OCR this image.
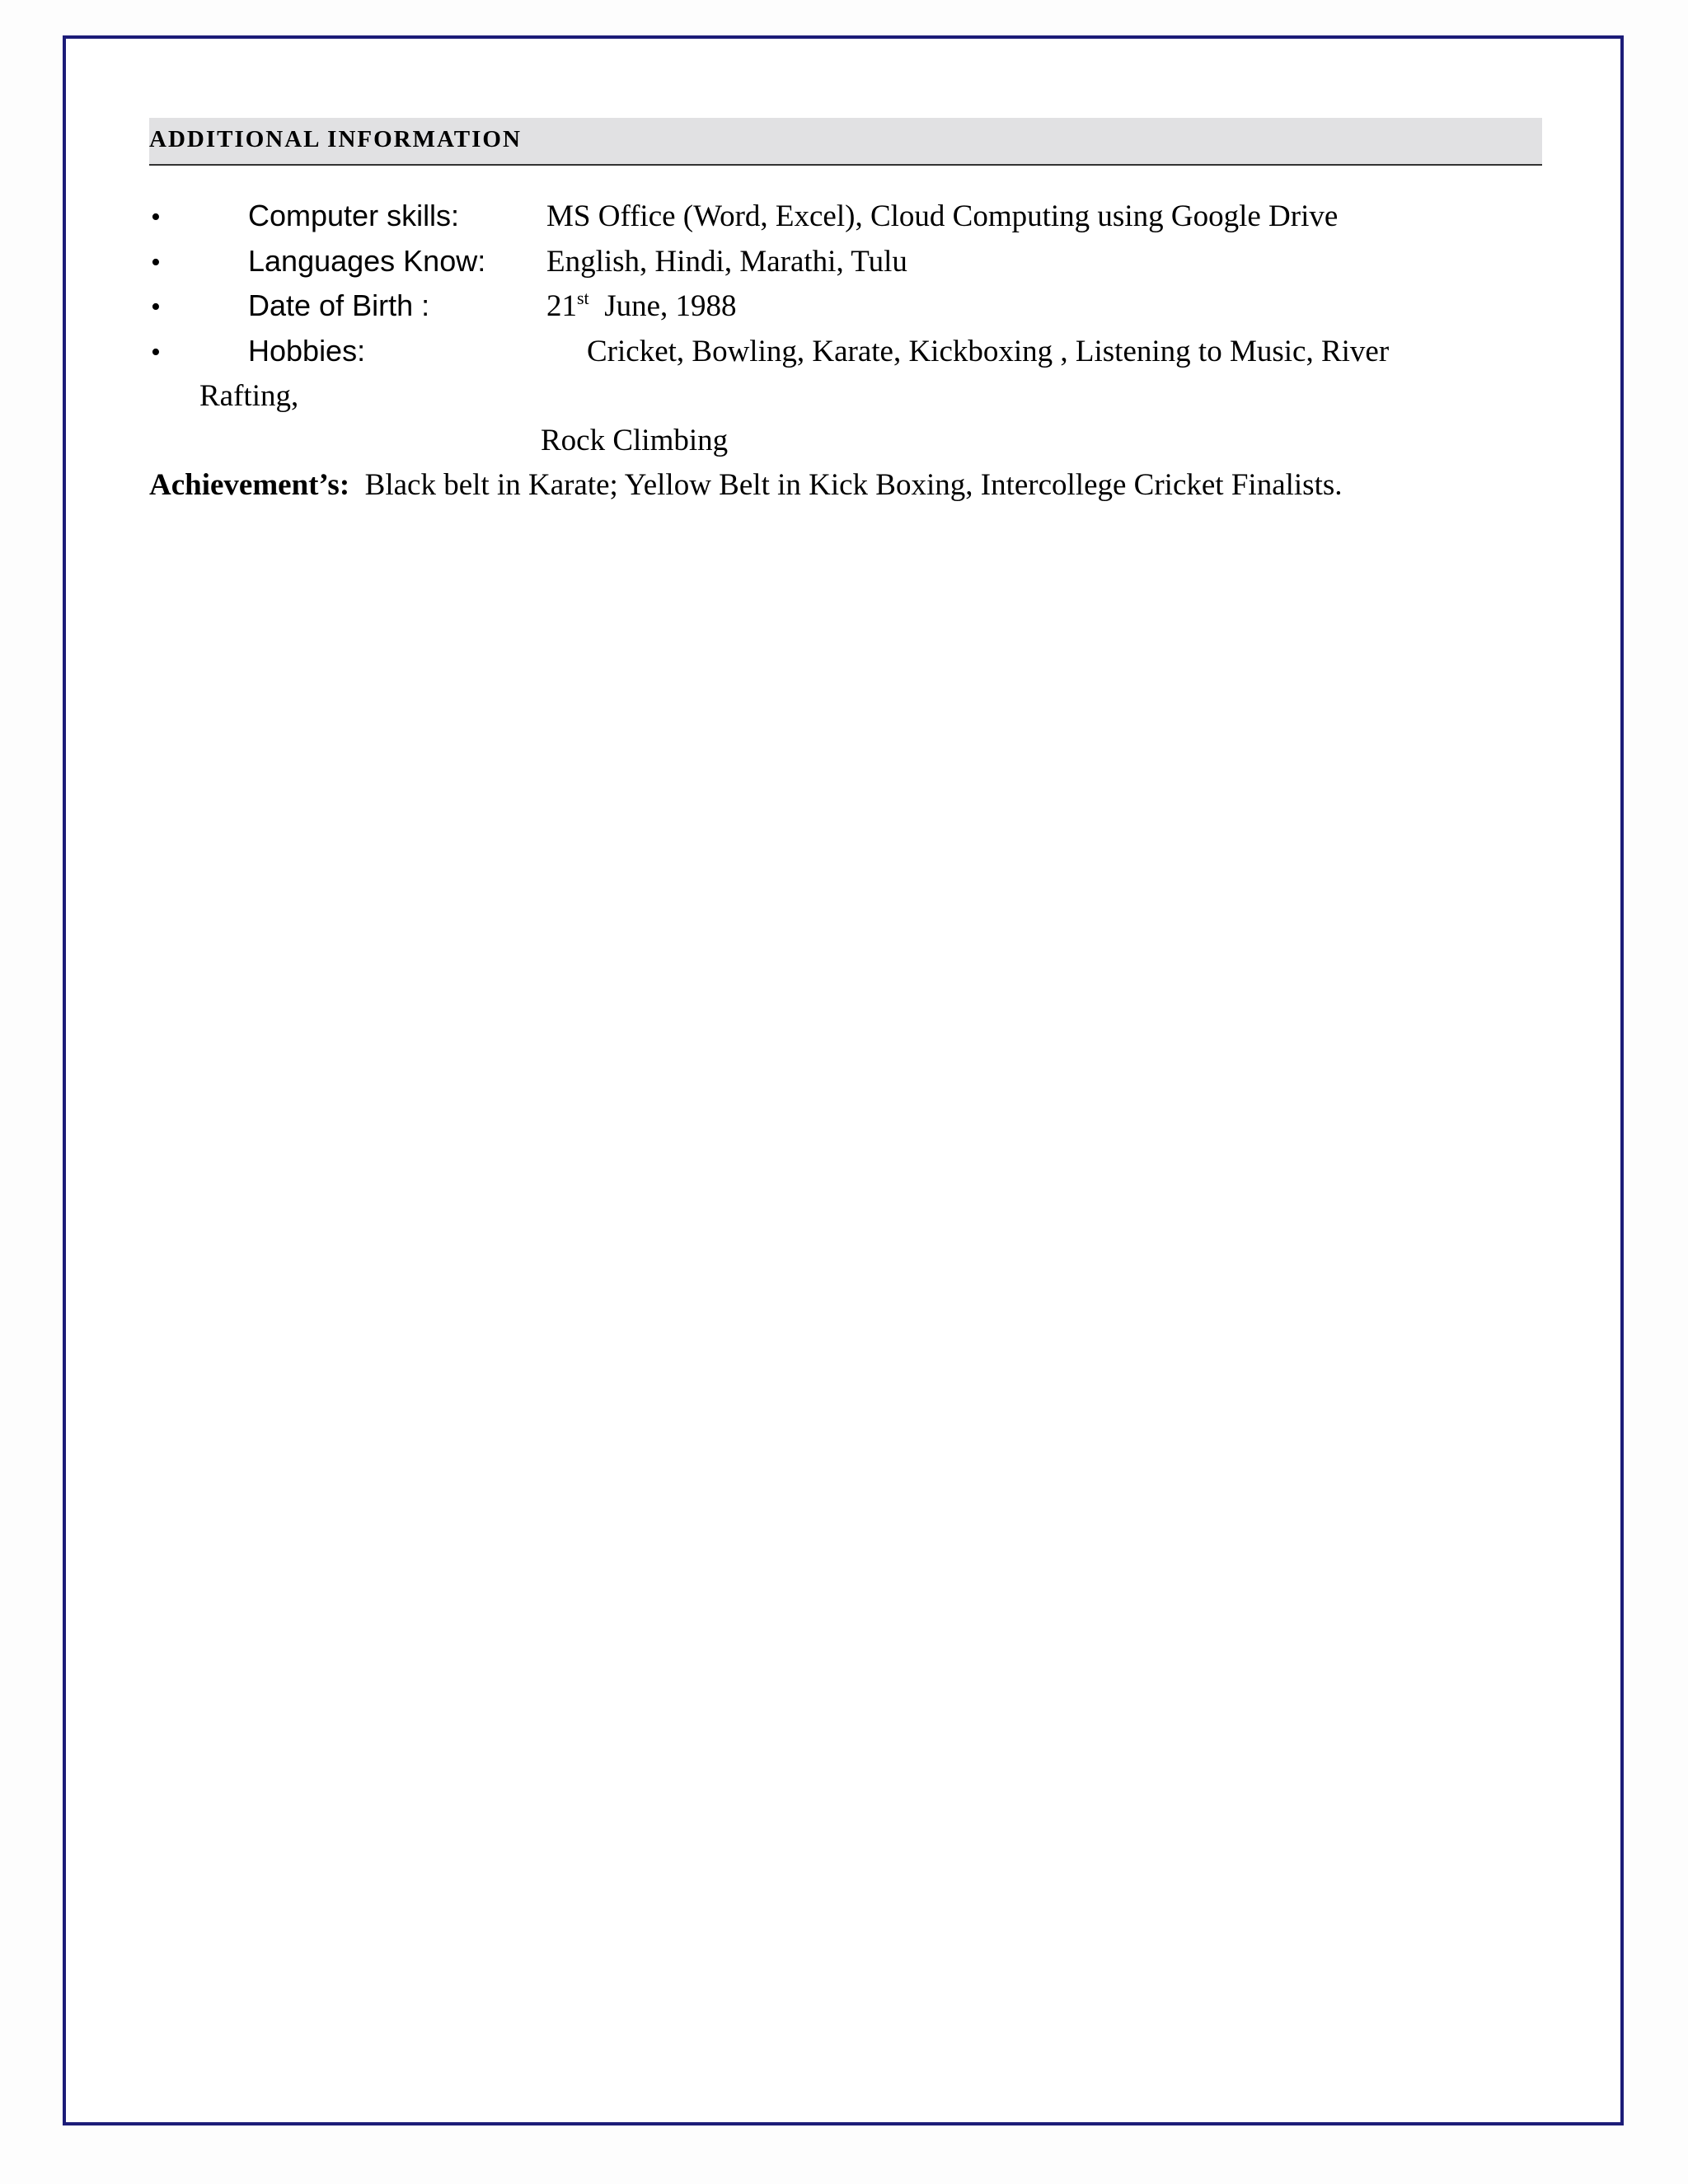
ADDITIONAL INFORMATION
•	Computer skills:	MS Office (Word, Excel), Cloud Computing using Google Drive
•	Languages Know: English, Hindi, Marathi, Tulu
•	Date of Birth :	21st June, 1988
•	Hobbies:	Cricket, Bowling, Karate, Kickboxing , Listening to Music, River
Rafting,
Rock Climbing
Achievement’s: Black belt in Karate; Yellow Belt in Kick Boxing, Intercollege Cricket Finalists.
